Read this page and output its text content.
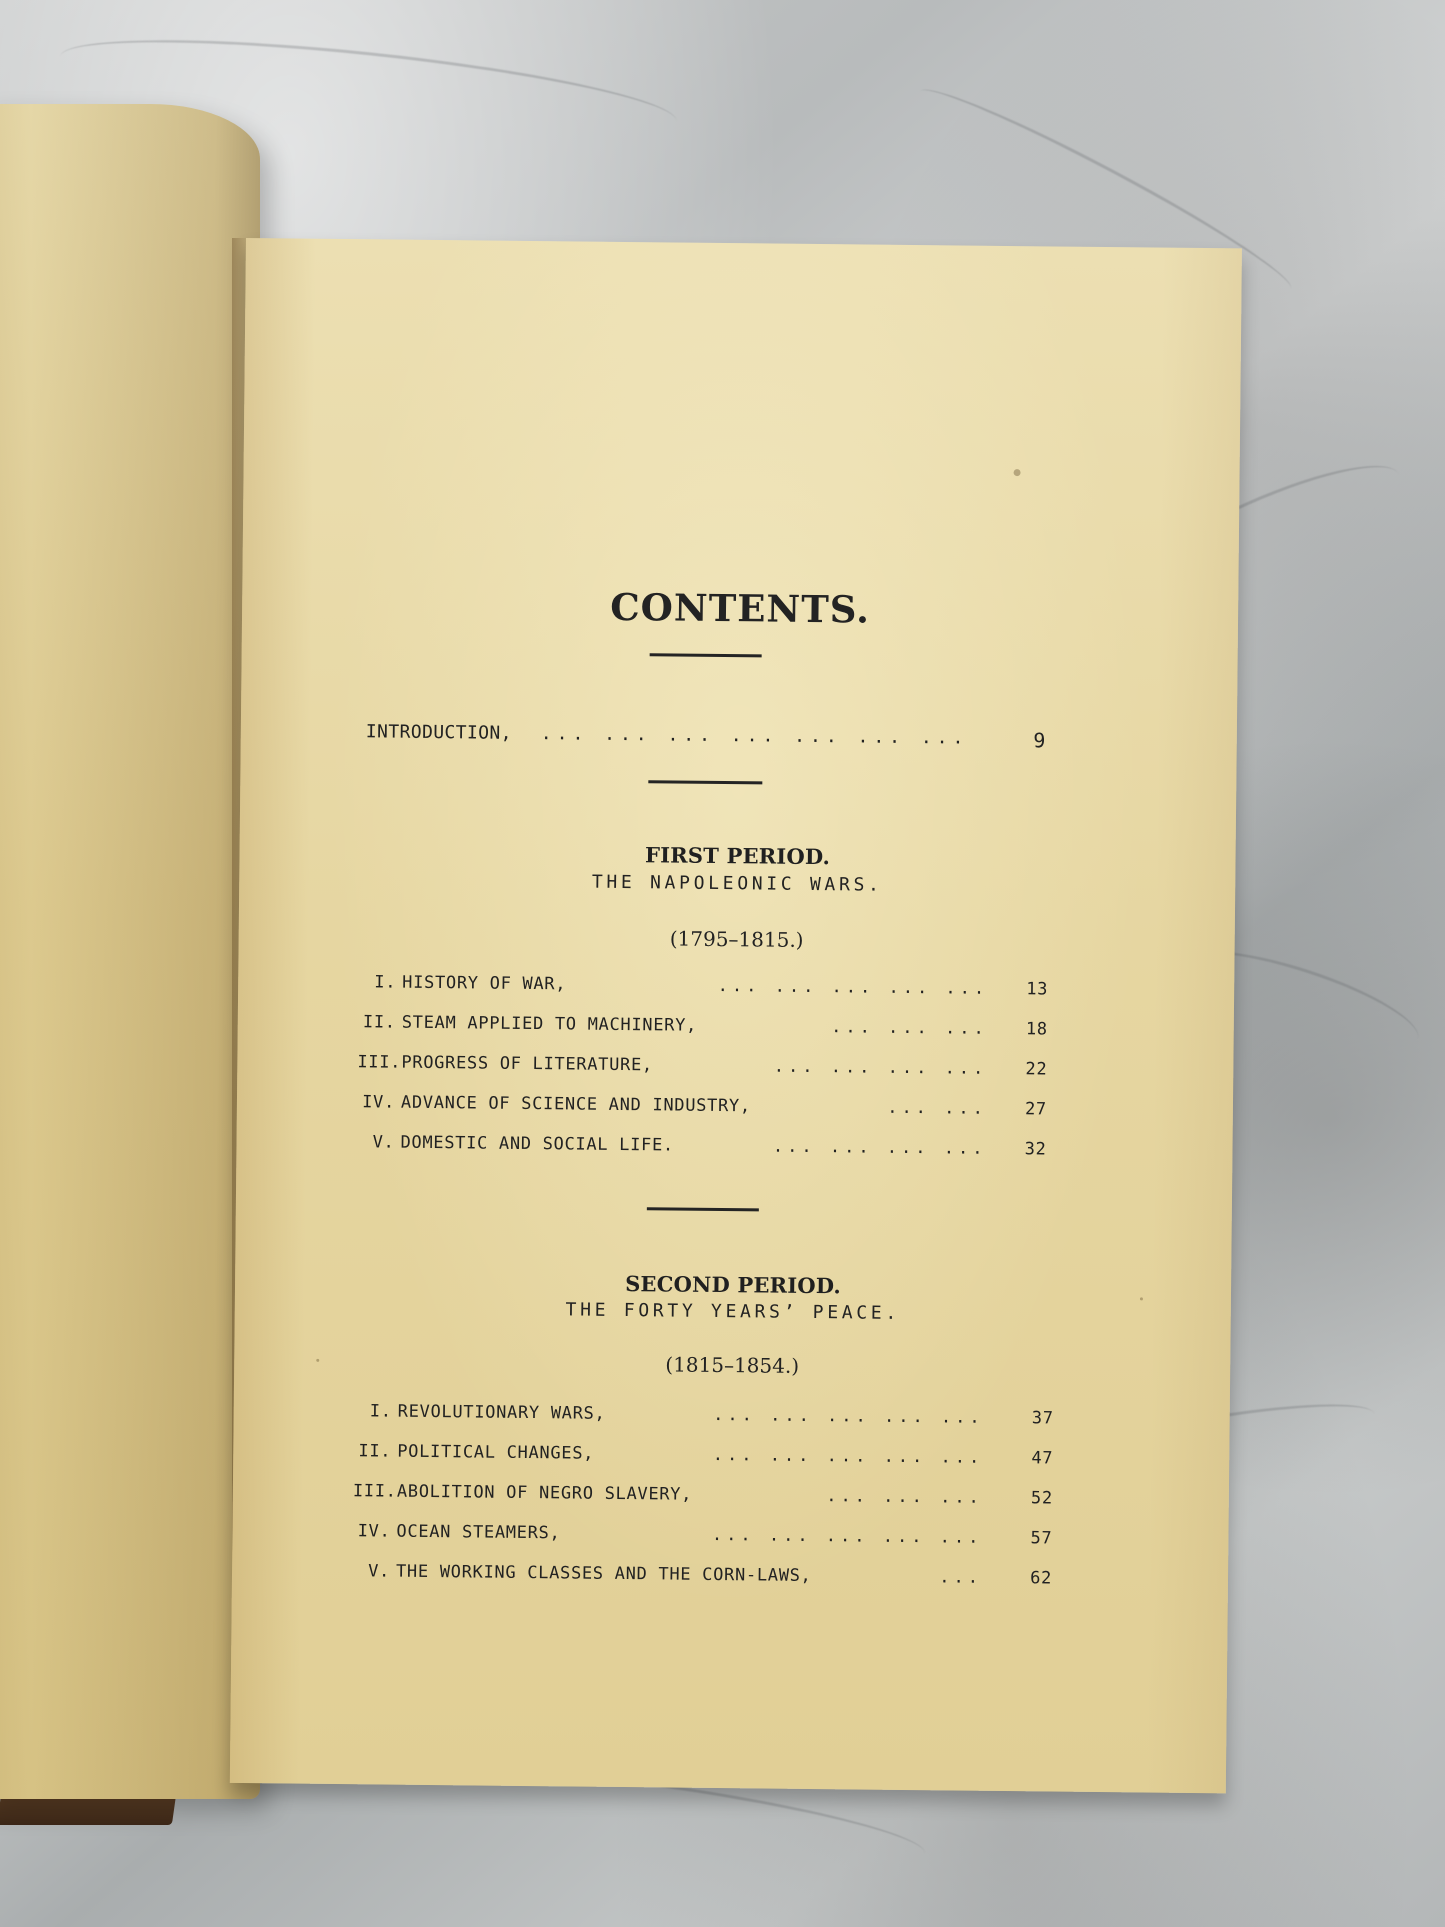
CONTENTS.
INTRODUCTION, ... ... ... ... ... ... ...	9
FIRST PERIOD.
THE NAPOLEONIC WARS.
(1795–1815.)
I. HISTORY OF WAR,	... ... ... ... ...	13
II. STEAM APPLIED TO MACHINERY,	... ... ...	18
III. PROGRESS OF LITERATURE,	... ... ... ...	22
IV. ADVANCE OF SCIENCE AND INDUSTRY,	... ...	27
V. DOMESTIC AND SOCIAL LIFE.	... ... ... ...	32
SECOND PERIOD.
THE FORTY YEARS’ PEACE.
(1815–1854.)
I. REVOLUTIONARY WARS,	... ... ... ... ...	37
II. POLITICAL CHANGES,	... ... ... ... ...	47
III. ABOLITION OF NEGRO SLAVERY,	... ... ...	52
IV. OCEAN STEAMERS,	... ... ... ... ...	57
V. THE WORKING CLASSES AND THE CORN-LAWS,	...	62
